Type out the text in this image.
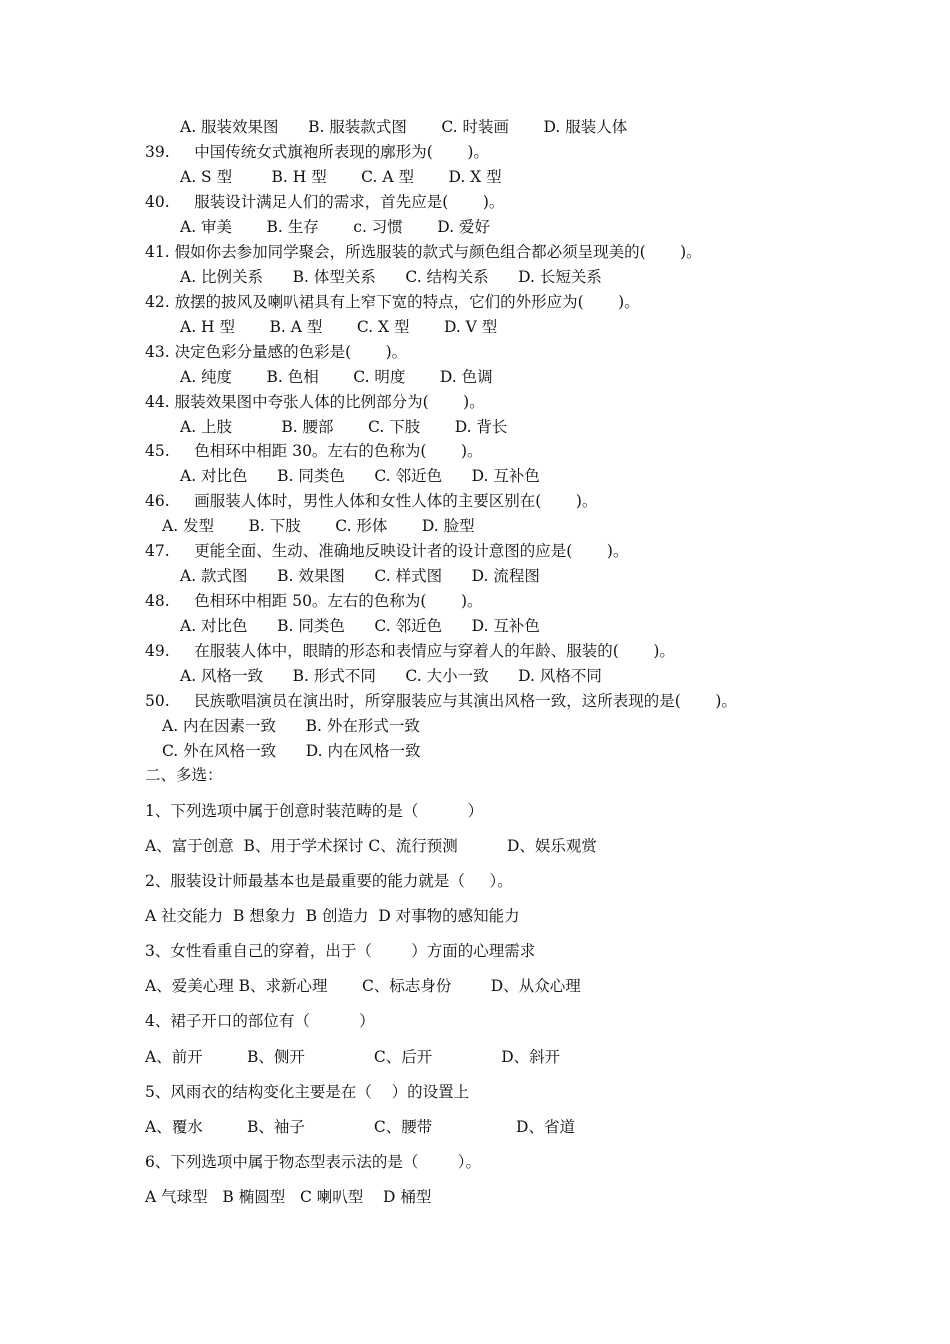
A. 服装效果图      B. 服装款式图       C. 时装画       D. 服装人体
39.     中国传统女式旗袍所表现的廓形为(       )。
A. S 型        B. H 型       C. A 型       D. X 型
40.     服装设计满足人们的需求，首先应是(       )。
A. 审美       B. 生存       c. 习惯       D. 爱好
41. 假如你去参加同学聚会，所选服装的款式与颜色组合都必须呈现美的(       )。
A. 比例关系      B. 体型关系      C. 结构关系      D. 长短关系
42. 放摆的披风及喇叭裙具有上窄下宽的特点，它们的外形应为(       )。
A. H 型       B. A 型       C. X 型       D. V 型
43. 决定色彩分量感的色彩是(       )。
A. 纯度       B. 色相       C. 明度       D. 色调
44. 服装效果图中夸张人体的比例部分为(       )。
A. 上肢          B. 腰部       C. 下肢       D. 背长
45.     色相环中相距 30。左右的色称为(       )。
A. 对比色      B. 同类色      C. 邻近色      D. 互补色
46.     画服装人体时，男性人体和女性人体的主要区别在(       )。
A. 发型       B. 下肢       C. 形体       D. 脸型
47.     更能全面、生动、准确地反映设计者的设计意图的应是(       )。
A. 款式图      B. 效果图      C. 样式图      D. 流程图
48.     色相环中相距 50。左右的色称为(       )。
A. 对比色      B. 同类色      C. 邻近色      D. 互补色
49.     在服装人体中，眼睛的形态和表情应与穿着人的年龄、服装的(       )。
A. 风格一致      B. 形式不同      C. 大小一致      D. 风格不同
50.     民族歌唱演员在演出时，所穿服装应与其演出风格一致，这所表现的是(       )。
A. 内在因素一致      B. 外在形式一致
C. 外在风格一致      D. 内在风格一致
二、多选：
1、下列选项中属于创意时装范畴的是（          ）
A、富于创意  B、用于学术探讨 C、流行预测          D、娱乐观赏
2、服装设计师最基本也是最重要的能力就是（     ）。
A 社交能力  B 想象力  B 创造力  D 对事物的感知能力
3、女性看重自己的穿着，出于（        ）方面的心理需求
A、爱美心理 B、求新心理       C、标志身份        D、从众心理
4、裙子开口的部位有（          ）
A、前开         B、侧开              C、后开              D、斜开
5、风雨衣的结构变化主要是在（    ）的设置上
A、覆水         B、袖子              C、腰带                 D、省道
6、下列选项中属于物态型表示法的是（        ）。
A 气球型   B 椭圆型   C 喇叭型    D 桶型
